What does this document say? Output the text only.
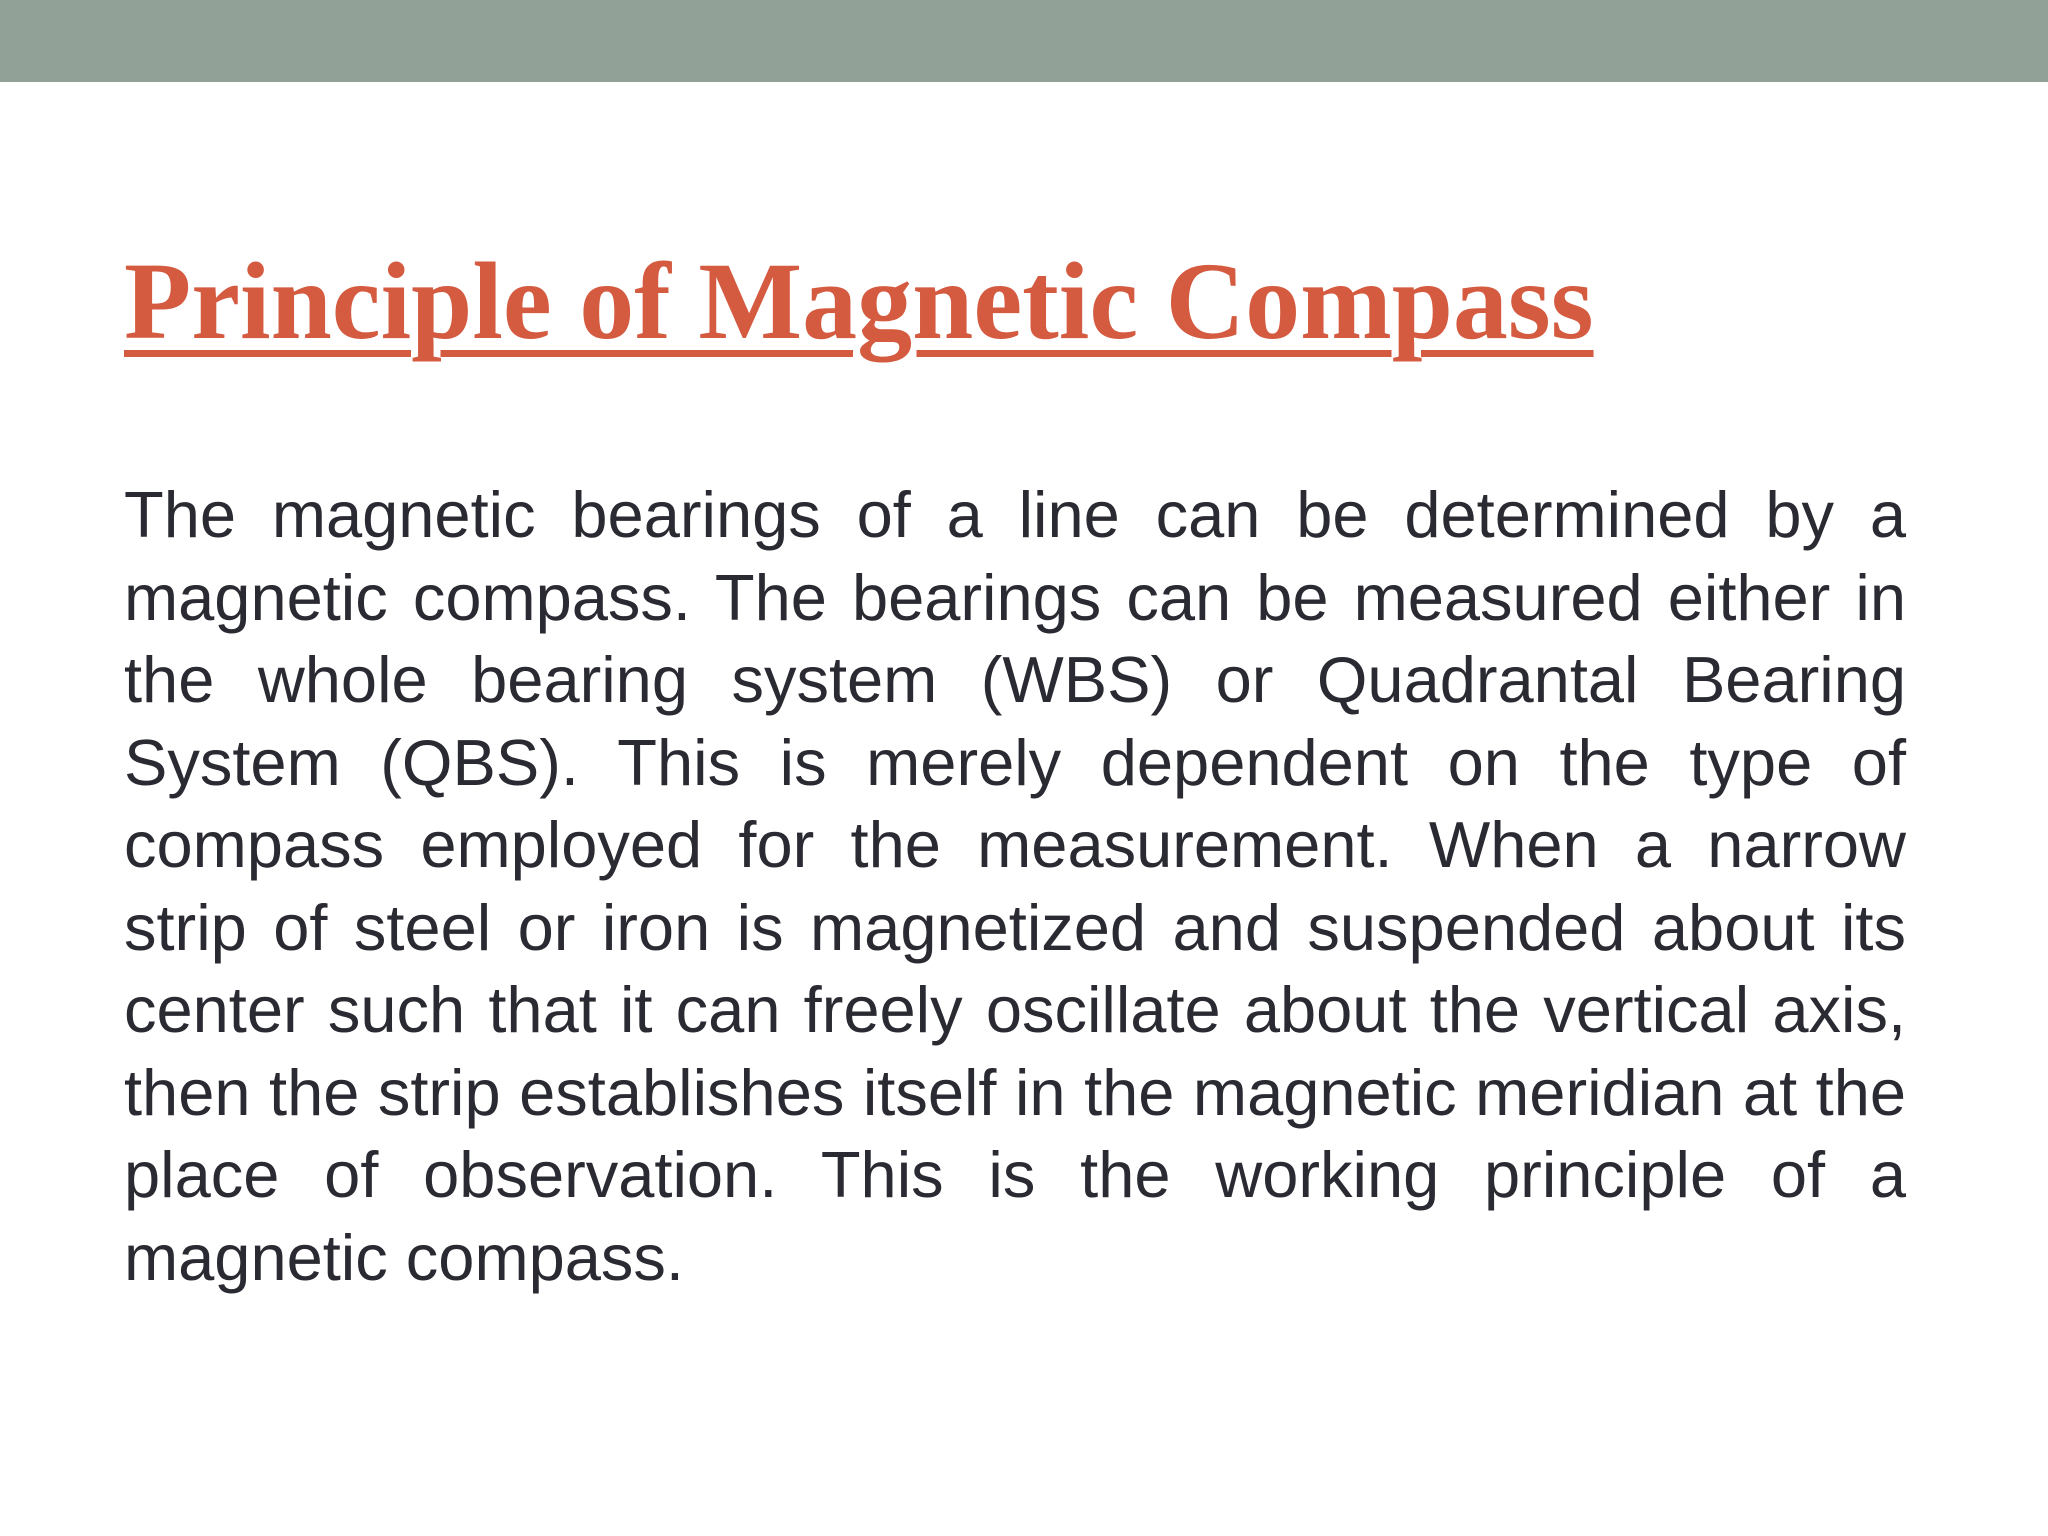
Principle of Magnetic Compass

The magnetic bearings of a line can be determined by a magnetic compass. The bearings can be measured either in the whole bearing system (WBS) or Quadrantal Bearing System (QBS). This is merely dependent on the type of compass employed for the measurement. When a narrow strip of steel or iron is magnetized and suspended about its center such that it can freely oscillate about the vertical axis, then the strip establishes itself in the magnetic meridian at the place of observation. This is the working principle of a magnetic compass.
